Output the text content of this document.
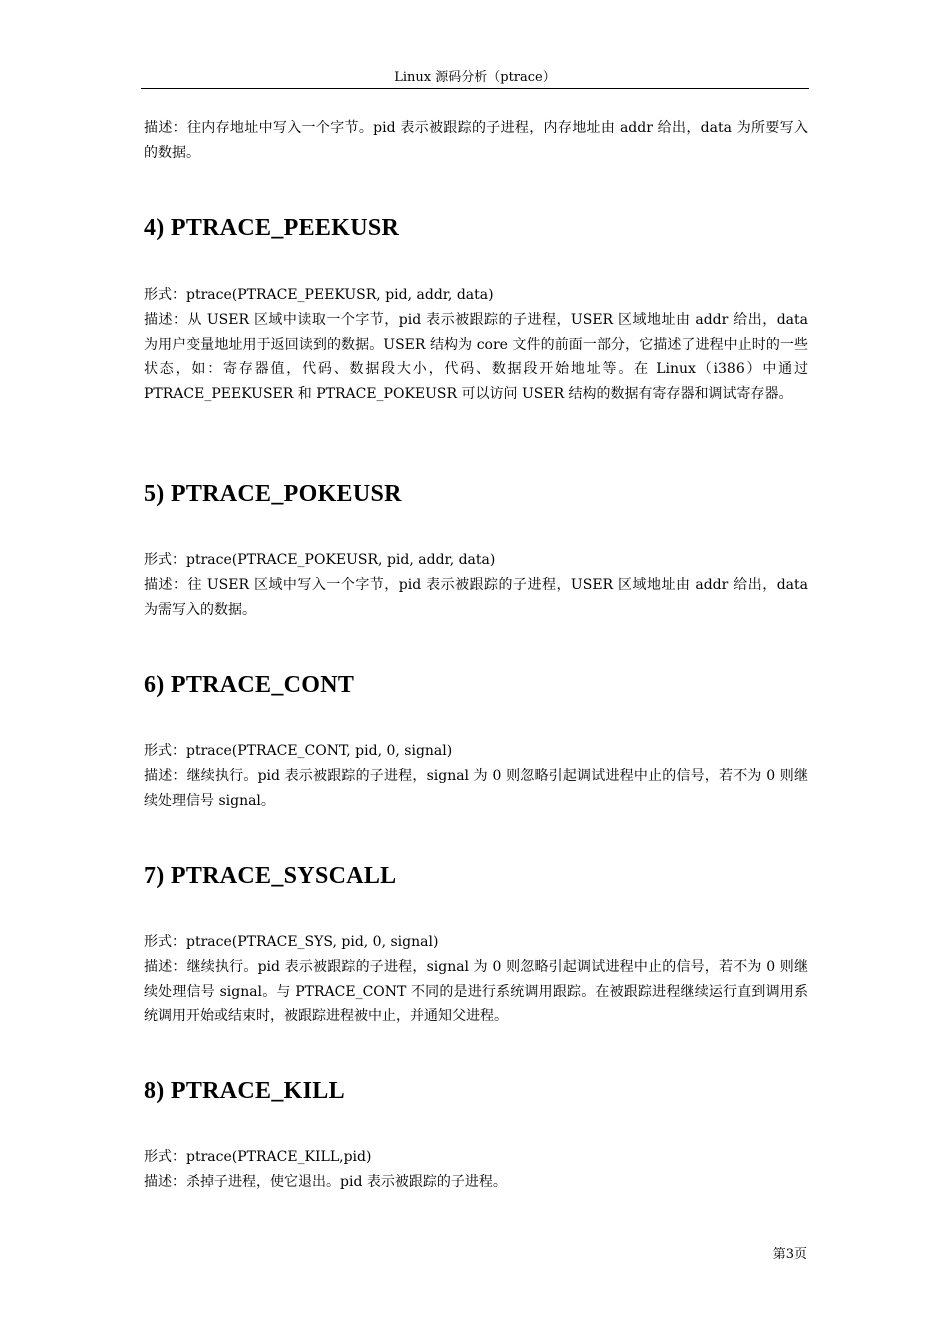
Linux 源码分析（ptrace）

描述：往内存地址中写入一个字节。pid 表示被跟踪的子进程，内存地址由 addr 给出，data 为所要写入的数据。

4) PTRACE_PEEKUSR

形式：ptrace(PTRACE_PEEKUSR, pid, addr, data)

描述：从 USER 区域中读取一个字节，pid 表示被跟踪的子进程，USER 区域地址由 addr 给出，data 为用户变量地址用于返回读到的数据。USER 结构为 core 文件的前面一部分，它描述了进程中止时的一些状态，如：寄存器值，代码、数据段大小，代码、数据段开始地址等。在 Linux（i386）中通过 PTRACE_PEEKUSER 和 PTRACE_POKEUSR 可以访问 USER 结构的数据有寄存器和调试寄存器。

5) PTRACE_POKEUSR

形式：ptrace(PTRACE_POKEUSR, pid, addr, data)

描述：往 USER 区域中写入一个字节，pid 表示被跟踪的子进程，USER 区域地址由 addr 给出，data 为需写入的数据。

6) PTRACE_CONT

形式：ptrace(PTRACE_CONT, pid, 0, signal)

描述：继续执行。pid 表示被跟踪的子进程，signal 为 0 则忽略引起调试进程中止的信号，若不为 0 则继续处理信号 signal。

7) PTRACE_SYSCALL

形式：ptrace(PTRACE_SYS, pid, 0, signal)

描述：继续执行。pid 表示被跟踪的子进程，signal 为 0 则忽略引起调试进程中止的信号，若不为 0 则继续处理信号 signal。与 PTRACE_CONT 不同的是进行系统调用跟踪。在被跟踪进程继续运行直到调用系统调用开始或结束时，被跟踪进程被中止，并通知父进程。

8) PTRACE_KILL

形式：ptrace(PTRACE_KILL,pid)

描述：杀掉子进程，使它退出。pid 表示被跟踪的子进程。

第3页
